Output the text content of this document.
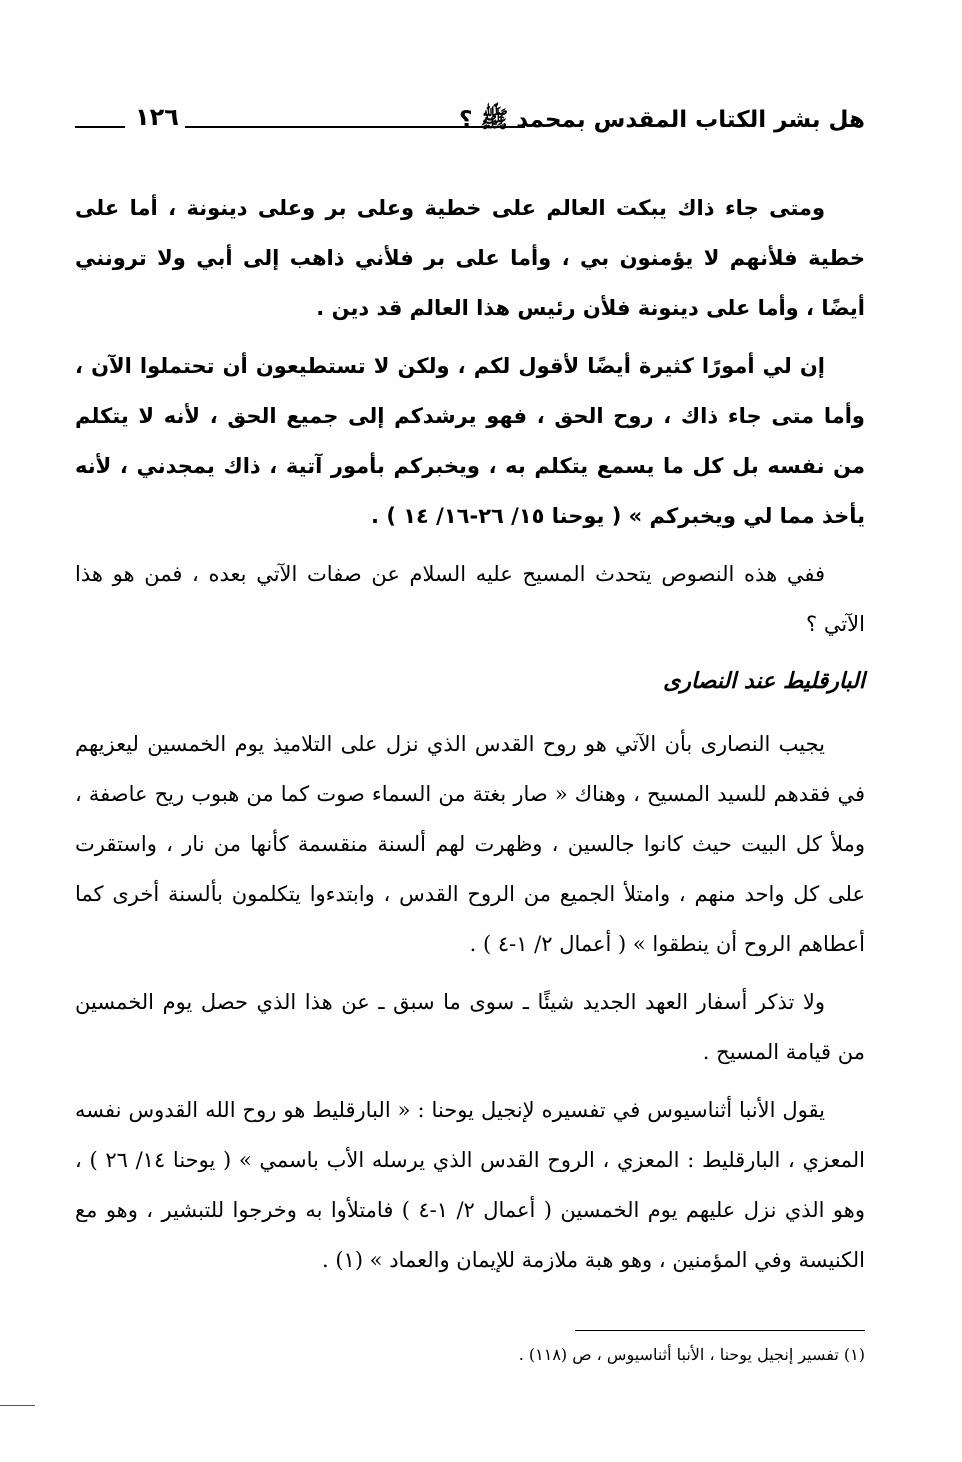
هل بشر الكتاب المقدس بمحمد ﷺ ؟
١٢٦

ومتى جاء ذاك يبكت العالم على خطية وعلى بر وعلى دينونة ، أما على خطية فلأنهم لا يؤمنون بي ، وأما على بر فلأني ذاهب إلى أبي ولا ترونني أيضًا ، وأما على دينونة فلأن رئيس هذا العالم قد دين .

إن لي أمورًا كثيرة أيضًا لأقول لكم ، ولكن لا تستطيعون أن تحتملوا الآن ، وأما متى جاء ذاك ، روح الحق ، فهو يرشدكم إلى جميع الحق ، لأنه لا يتكلم من نفسه بل كل ما يسمع يتكلم به ، ويخبركم بأمور آتية ، ذاك يمجدني ، لأنه يأخذ مما لي ويخبركم » ( يوحنا ١٥/ ٢٦-١٦/ ١٤ ) .

ففي هذه النصوص يتحدث المسيح عليه السلام عن صفات الآتي بعده ، فمن هو هذا الآتي ؟

البارقليط عند النصارى

يجيب النصارى بأن الآتي هو روح القدس الذي نزل على التلاميذ يوم الخمسين ليعزيهم في فقدهم للسيد المسيح ، وهناك « صار بغتة من السماء صوت كما من هبوب ريح عاصفة ، وملأ كل البيت حيث كانوا جالسين ، وظهرت لهم ألسنة منقسمة كأنها من نار ، واستقرت على كل واحد منهم ، وامتلأ الجميع من الروح القدس ، وابتدءوا يتكلمون بألسنة أخرى كما أعطاهم الروح أن ينطقوا » ( أعمال ٢/ ١-٤ ) .

ولا تذكر أسفار العهد الجديد شيئًا ـ سوى ما سبق ـ عن هذا الذي حصل يوم الخمسين من قيامة المسيح .

يقول الأنبا أثناسيوس في تفسيره لإنجيل يوحنا : « البارقليط هو روح الله القدوس نفسه المعزي ، البارقليط : المعزي ، الروح القدس الذي يرسله الأب باسمي » ( يوحنا ١٤/ ٢٦ ) ، وهو الذي نزل عليهم يوم الخمسين ( أعمال ٢/ ١-٤ ) فامتلأوا به وخرجوا للتبشير ، وهو مع الكنيسة وفي المؤمنين ، وهو هبة ملازمة للإيمان والعماد » (١) .

(١) تفسير إنجيل يوحنا ، الأنبا أثناسيوس ، ص (١١٨) .
